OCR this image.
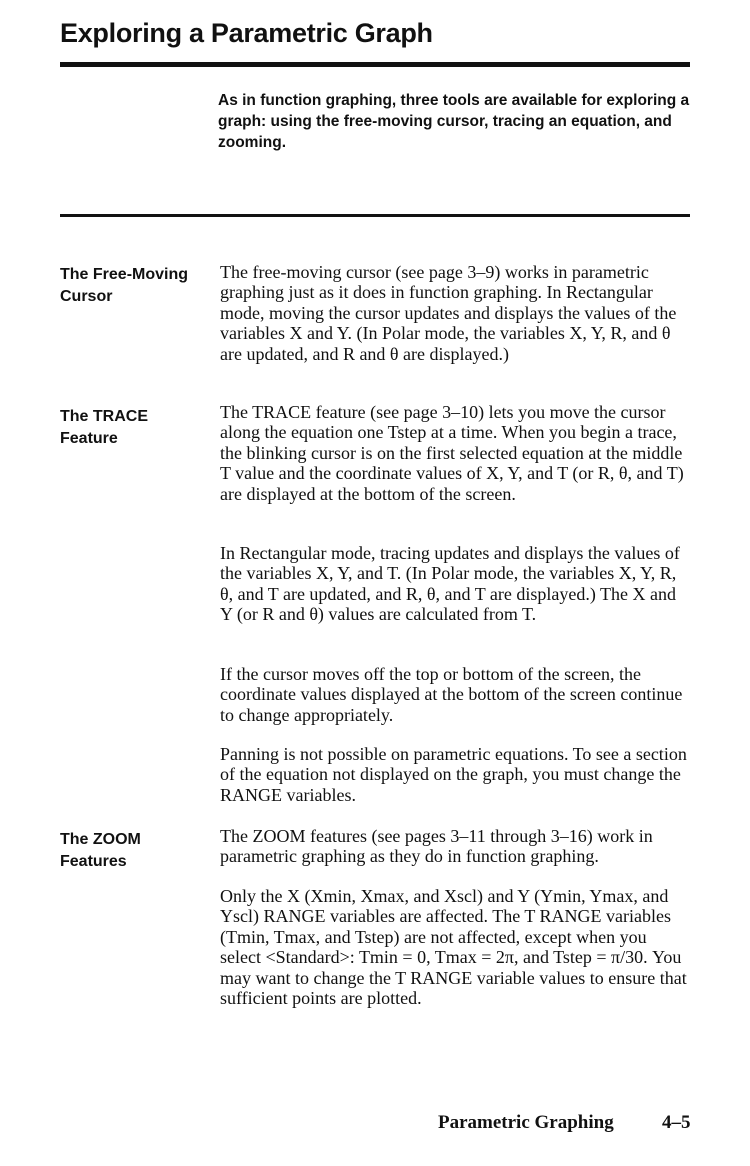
Exploring a Parametric Graph
As in function graphing, three tools are available for exploring a graph: using the free-moving cursor, tracing an equation, and zooming.
The Free-Moving
Cursor
The free-moving cursor (see page 3–9) works in parametric graphing just as it does in function graphing. In Rectangular mode, moving the cursor updates and displays the values of the variables X and Y. (In Polar mode, the variables X, Y, R, and θ are updated, and R and θ are displayed.)
The TRACE
Feature
The TRACE feature (see page 3–10) lets you move the cursor along the equation one Tstep at a time. When you begin a trace, the blinking cursor is on the first selected equation at the middle T value and the coordinate values of X, Y, and T (or R, θ, and T) are displayed at the bottom of the screen.
In Rectangular mode, tracing updates and displays the values of the variables X, Y, and T. (In Polar mode, the variables X, Y, R, θ, and T are updated, and R, θ, and T are displayed.) The X and Y (or R and θ) values are calculated from T.
If the cursor moves off the top or bottom of the screen, the coordinate values displayed at the bottom of the screen continue to change appropriately.
Panning is not possible on parametric equations. To see a section of the equation not displayed on the graph, you must change the RANGE variables.
The ZOOM
Features
The ZOOM features (see pages 3–11 through 3–16) work in parametric graphing as they do in function graphing.
Only the X (Xmin, Xmax, and Xscl) and Y (Ymin, Ymax, and Yscl) RANGE variables are affected. The T RANGE variables (Tmin, Tmax, and Tstep) are not affected, except when you select <Standard>: Tmin = 0, Tmax = 2π, and Tstep = π/30. You may want to change the T RANGE variable values to ensure that sufficient points are plotted.
Parametric Graphing	4–5
